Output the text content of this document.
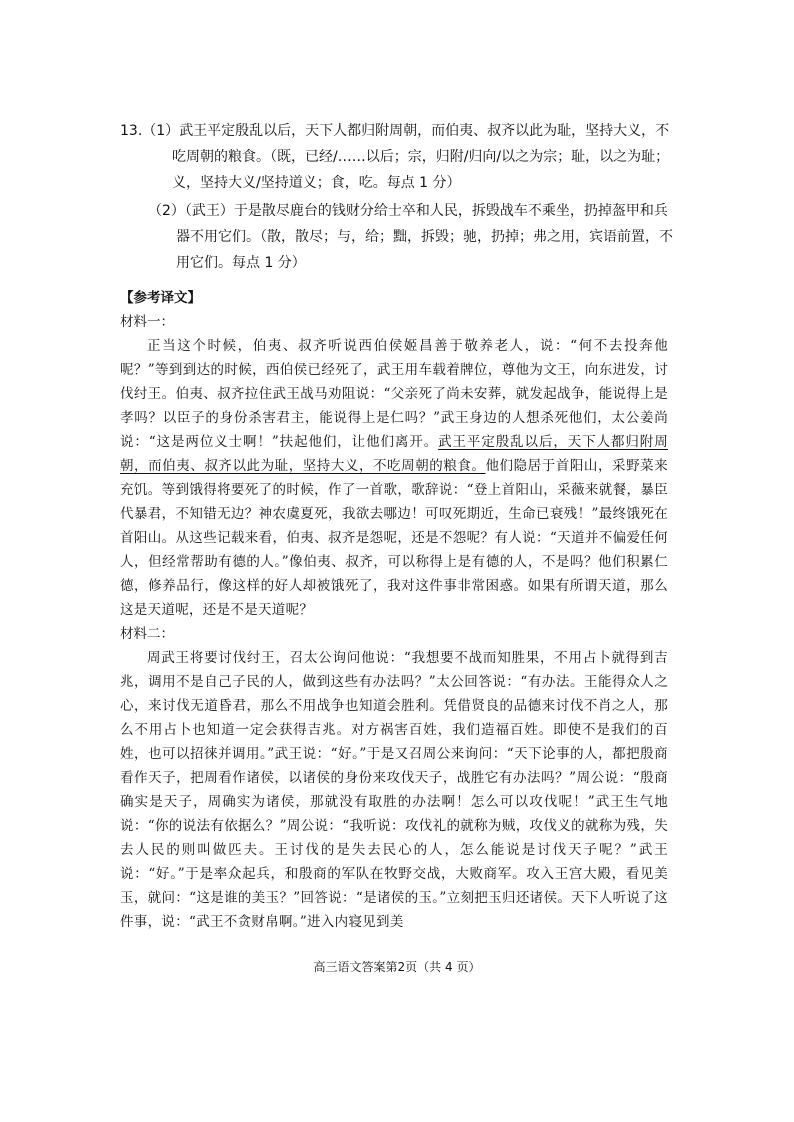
13.（1）武王平定殷乱以后，天下人都归附周朝，而伯夷、叔齐以此为耻，坚持大义，不吃周朝的粮食。（既，已经/……以后；宗，归附/归向/以之为宗；耻，以之为耻；义，坚持大义/坚持道义；食，吃。每点 1 分）

（2）（武王）于是散尽鹿台的钱财分给士卒和人民，拆毁战车不乘坐，扔掉盔甲和兵器不用它们。（散，散尽；与，给；黜，拆毁；驰，扔掉；弗之用，宾语前置，不用它们。每点 1 分）

【参考译文】

材料一：

正当这个时候，伯夷、叔齐听说西伯侯姬昌善于敬养老人，说：“何不去投奔他呢？”等到到达的时候，西伯侯已经死了，武王用车载着牌位，尊他为文王，向东进发，讨伐纣王。伯夷、叔齐拉住武王战马劝阻说：“父亲死了尚未安葬，就发起战争，能说得上是孝吗？以臣子的身份杀害君主，能说得上是仁吗？”武王身边的人想杀死他们，太公姜尚说：“这是两位义士啊！”扶起他们，让他们离开。武王平定殷乱以后，天下人都归附周朝，而伯夷、叔齐以此为耻，坚持大义，不吃周朝的粮食。他们隐居于首阳山，采野菜来充饥。等到饿得将要死了的时候，作了一首歌，歌辞说：“登上首阳山，采薇来就餐，暴臣代暴君，不知错无边？神农虞夏死，我欲去哪边！可叹死期近，生命已衰残！”最终饿死在首阳山。从这些记载来看，伯夷、叔齐是怨呢，还是不怨呢？有人说：“天道并不偏爱任何人，但经常帮助有德的人。”像伯夷、叔齐，可以称得上是有德的人，不是吗？他们积累仁德，修养品行，像这样的好人却被饿死了，我对这件事非常困惑。如果有所谓天道，那么这是天道呢，还是不是天道呢？

材料二：

周武王将要讨伐纣王，召太公询问他说：“我想要不战而知胜果，不用占卜就得到吉兆，调用不是自己子民的人，做到这些有办法吗？”太公回答说：“有办法。王能得众人之心，来讨伐无道昏君，那么不用战争也知道会胜利。凭借贤良的品德来讨伐不肖之人，那么不用占卜也知道一定会获得吉兆。对方祸害百姓，我们造福百姓。即使不是我们的百姓，也可以招徕并调用。”武王说：“好。”于是又召周公来询问：“天下论事的人，都把殷商看作天子，把周看作诸侯，以诸侯的身份来攻伐天子，战胜它有办法吗？”周公说：“殷商确实是天子，周确实为诸侯，那就没有取胜的办法啊！怎么可以攻伐呢！”武王生气地说：“你的说法有依据么？”周公说：“我听说：攻伐礼的就称为贼，攻伐义的就称为残，失去人民的则叫做匹夫。王讨伐的是失去民心的人，怎么能说是讨伐天子呢？”武王说：“好。”于是率众起兵，和殷商的军队在牧野交战，大败商军。攻入王宫大殿，看见美玉，就问：“这是谁的美玉？”回答说：“是诸侯的玉。”立刻把玉归还诸侯。天下人听说了这件事，说：“武王不贪财帛啊。”进入内寝见到美

高三语文答案第2页（共 4 页）
